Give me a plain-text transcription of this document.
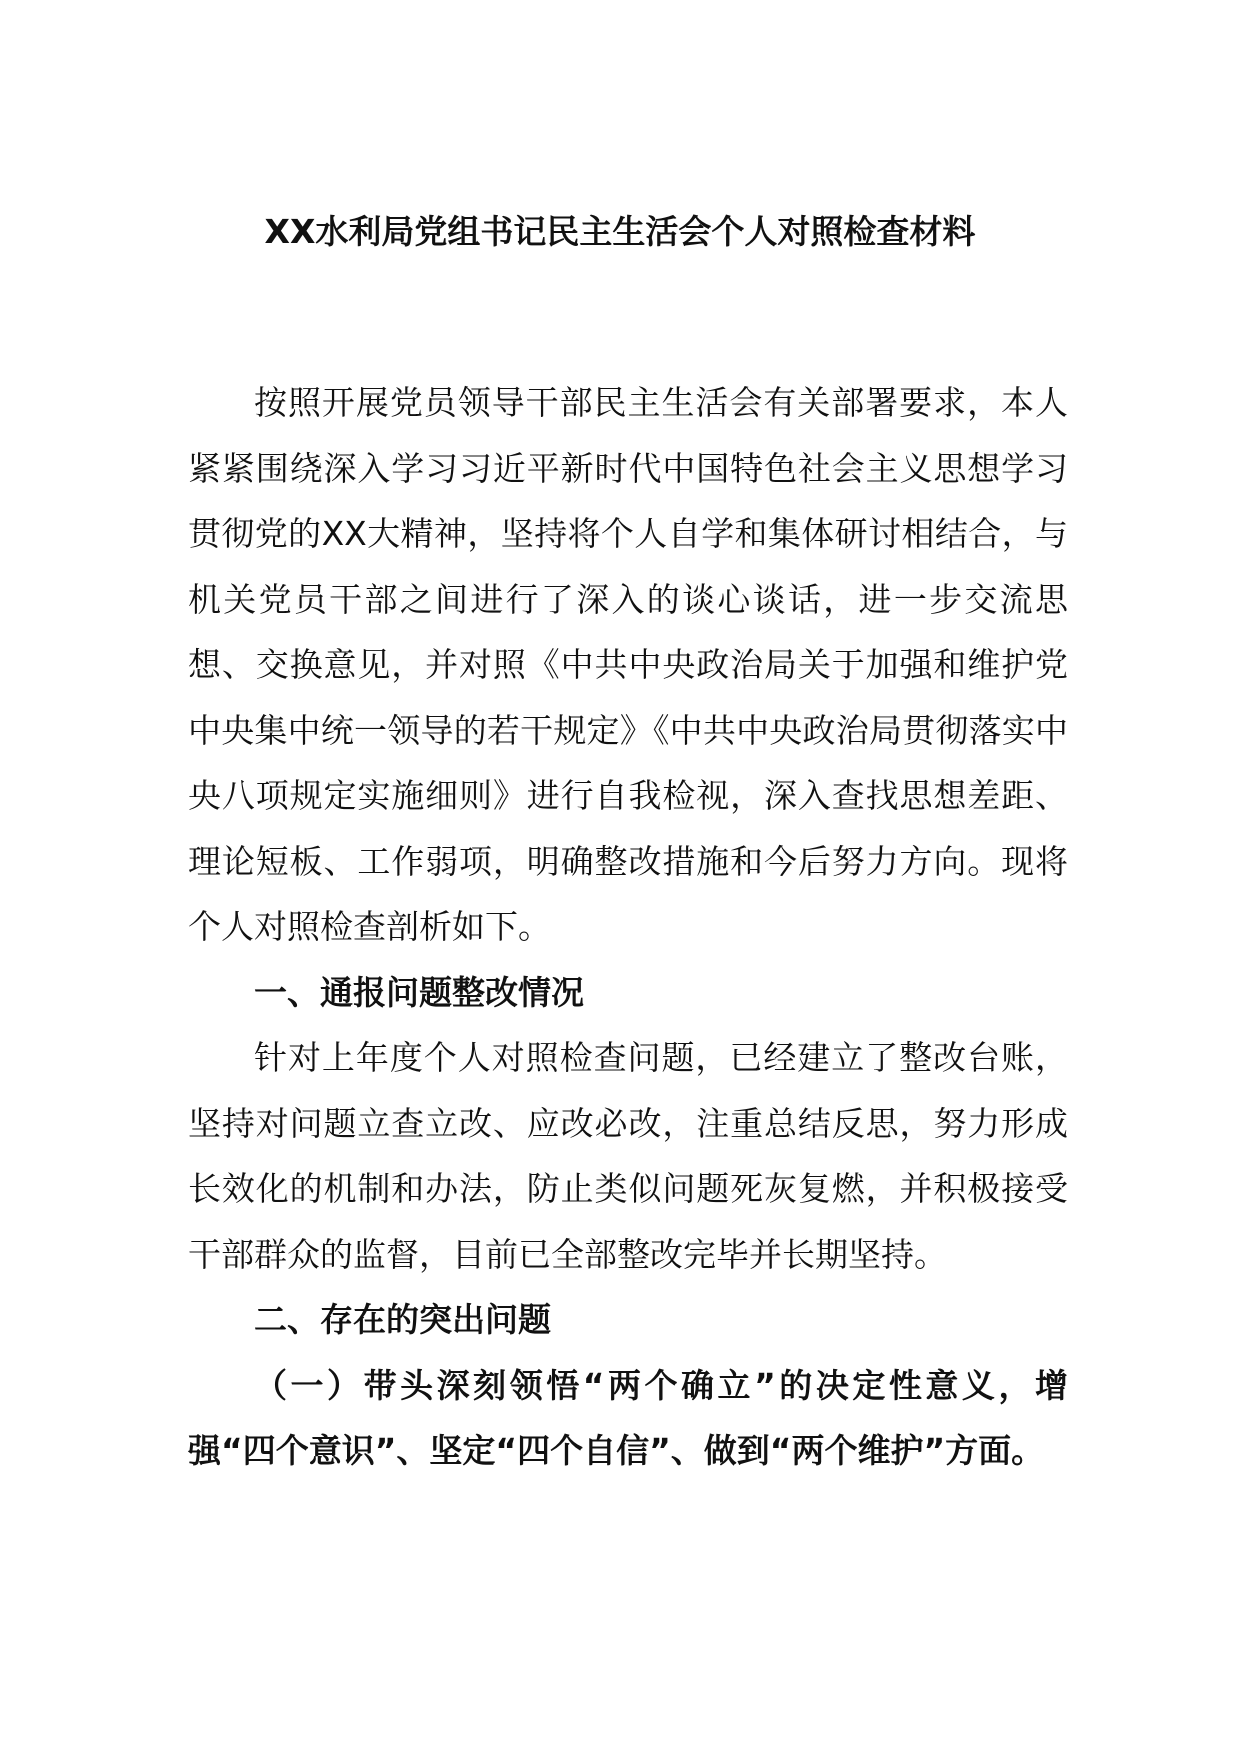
XX水利局党组书记民主生活会个人对照检查材料

按照开展党员领导干部民主生活会有关部署要求，本人紧紧围绕深入学习习近平新时代中国特色社会主义思想学习贯彻党的XX大精神，坚持将个人自学和集体研讨相结合，与机关党员干部之间进行了深入的谈心谈话，进一步交流思想、交换意见，并对照《中共中央政治局关于加强和维护党中央集中统一领导的若干规定》《中共中央政治局贯彻落实中央八项规定实施细则》进行自我检视，深入查找思想差距、理论短板、工作弱项，明确整改措施和今后努力方向。现将个人对照检查剖析如下。

一、通报问题整改情况

针对上年度个人对照检查问题，已经建立了整改台账，坚持对问题立查立改、应改必改，注重总结反思，努力形成长效化的机制和办法，防止类似问题死灰复燃，并积极接受干部群众的监督，目前已全部整改完毕并长期坚持。

二、存在的突出问题

（一）带头深刻领悟“两个确立”的决定性意义，增强“四个意识”、坚定“四个自信”、做到“两个维护”方面。
